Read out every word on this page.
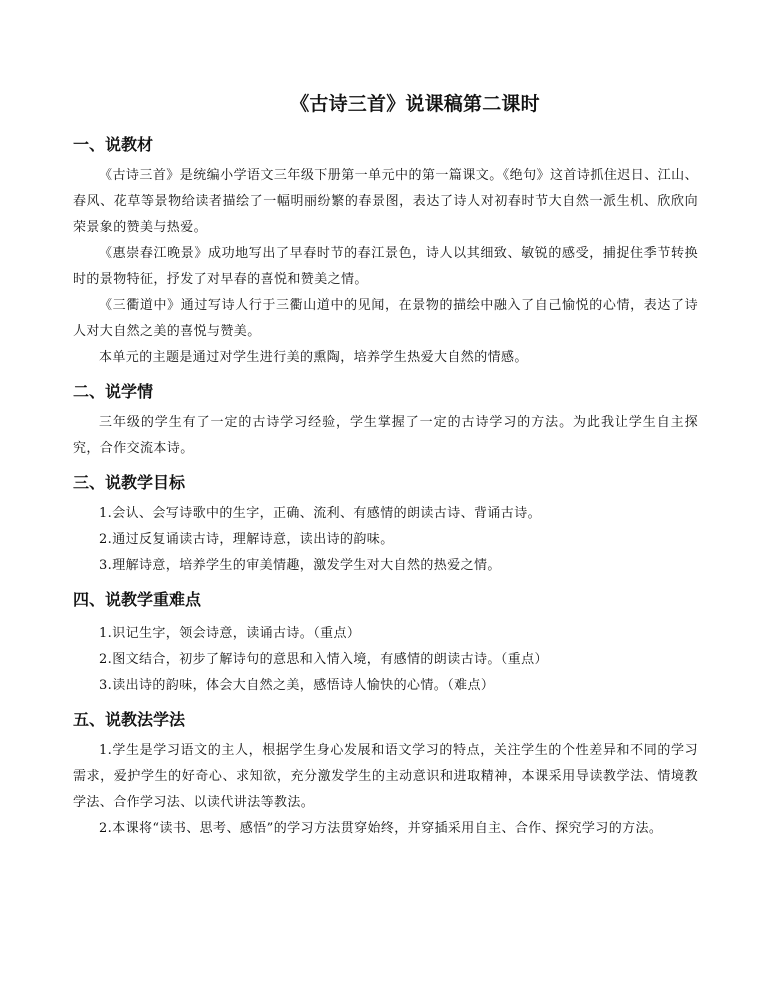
《古诗三首》说课稿第二课时
一、说教材

《古诗三首》是统编小学语文三年级下册第一单元中的第一篇课文。《绝句》这首诗抓住迟日、江山、春风、花草等景物给读者描绘了一幅明丽纷繁的春景图，表达了诗人对初春时节大自然一派生机、欣欣向荣景象的赞美与热爱。

《惠崇春江晚景》成功地写出了早春时节的春江景色，诗人以其细致、敏锐的感受，捕捉住季节转换时的景物特征，抒发了对早春的喜悦和赞美之情。

《三衢道中》通过写诗人行于三衢山道中的见闻，在景物的描绘中融入了自己愉悦的心情，表达了诗人对大自然之美的喜悦与赞美。

本单元的主题是通过对学生进行美的熏陶，培养学生热爱大自然的情感。

二、说学情

三年级的学生有了一定的古诗学习经验，学生掌握了一定的古诗学习的方法。为此我让学生自主探究，合作交流本诗。

三、说教学目标

1.会认、会写诗歌中的生字，正确、流利、有感情的朗读古诗、背诵古诗。

2.通过反复诵读古诗，理解诗意，读出诗的韵味。

3.理解诗意，培养学生的审美情趣，激发学生对大自然的热爱之情。

四、说教学重难点

1.识记生字，领会诗意，读诵古诗。（重点）

2.图文结合，初步了解诗句的意思和入情入境，有感情的朗读古诗。（重点）

3.读出诗的韵味，体会大自然之美，感悟诗人愉快的心情。（难点）

五、说教法学法

1.学生是学习语文的主人，根据学生身心发展和语文学习的特点，关注学生的个性差异和不同的学习需求，爱护学生的好奇心、求知欲，充分激发学生的主动意识和进取精神，本课采用导读教学法、情境教学法、合作学习法、以读代讲法等教法。

2.本课将“读书、思考、感悟”的学习方法贯穿始终，并穿插采用自主、合作、探究学习的方法。
